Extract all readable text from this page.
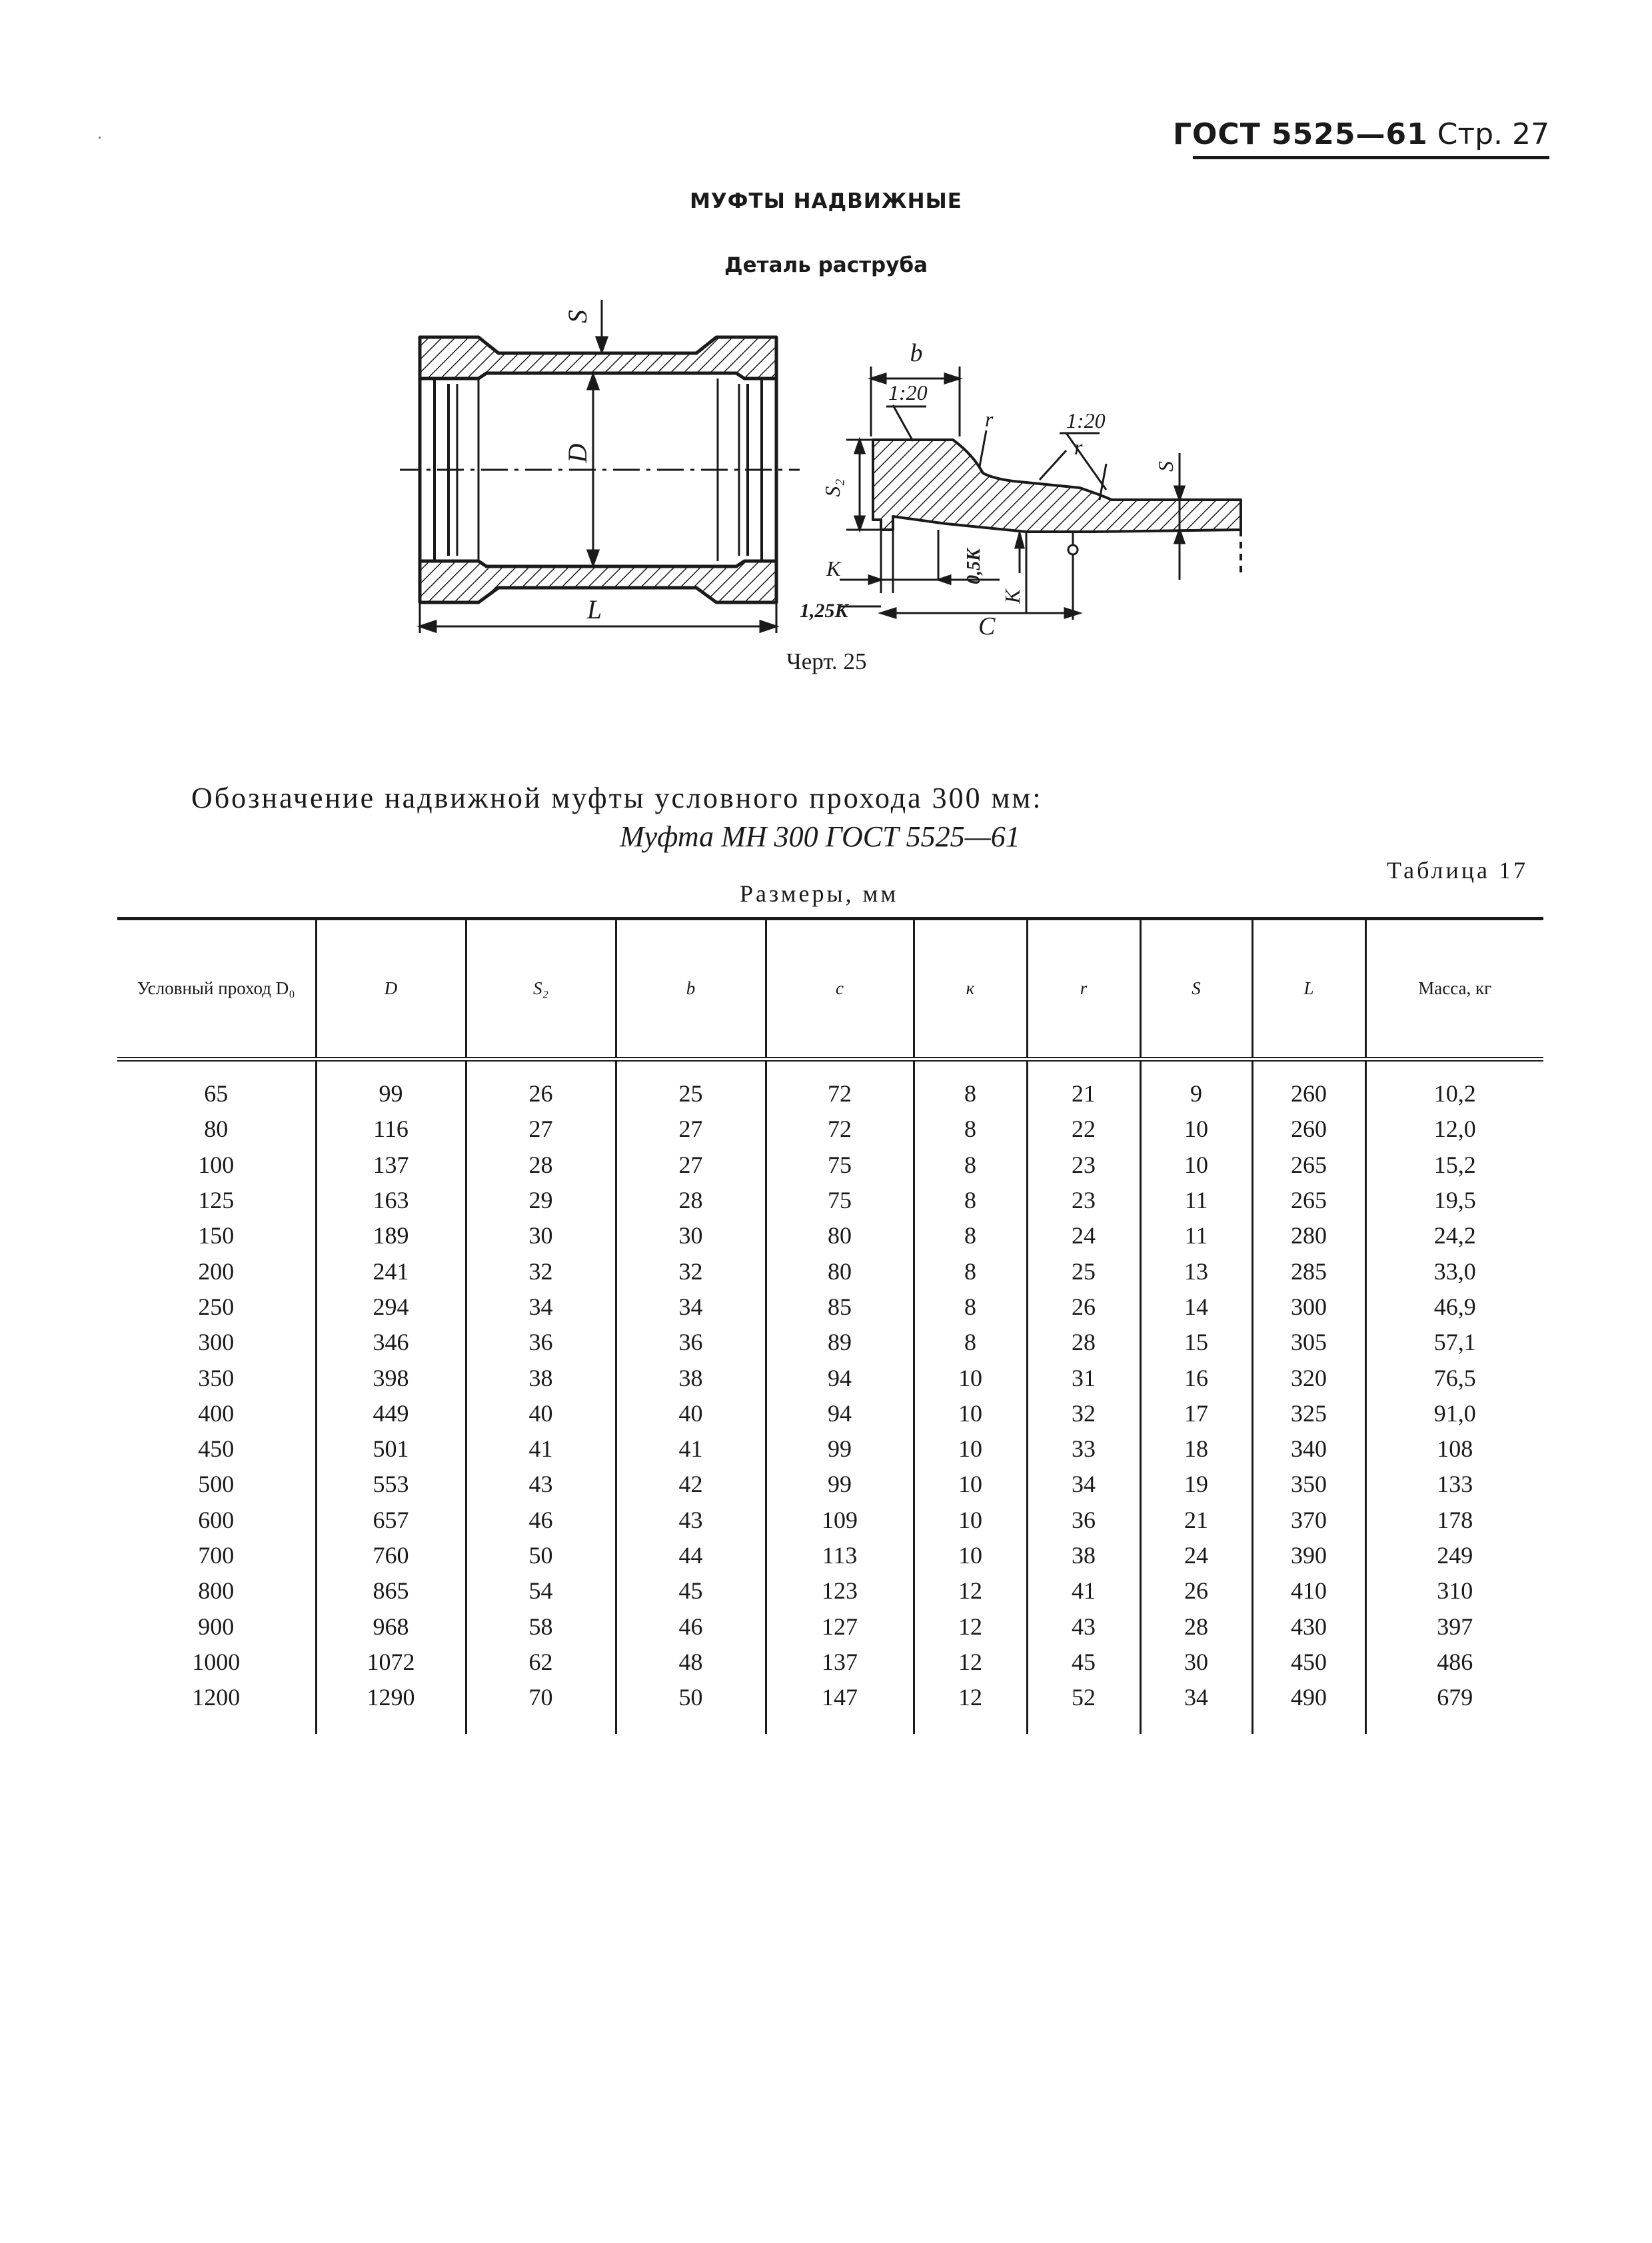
ГОСТ 5525—61 Стр. 27
МУФТЫ НАДВИЖНЫЕ
Деталь раструба
S
D
L
b
1:20
1:20
r
r
S₂
S
K	0,5K
K
1,25K
C
Черт. 25
Обозначение надвижной муфты условного прохода 300 мм:
Муфта МН 300 ГОСТ 5525—61
Таблица 17
Размеры, мм
Условный проход D₀	D	S₂	b	c	к	r	S	L	Масса, кг
65	99	26	25	72	8	21	9	260	10,2
80	116	27	27	72	8	22	10	260	12,0
100	137	28	27	75	8	23	10	265	15,2
125	163	29	28	75	8	23	11	265	19,5
150	189	30	30	80	8	24	11	280	24,2
200	241	32	32	80	8	25	13	285	33,0
250	294	34	34	85	8	26	14	300	46,9
300	346	36	36	89	8	28	15	305	57,1
350	398	38	38	94	10	31	16	320	76,5
400	449	40	40	94	10	32	17	325	91,0
450	501	41	41	99	10	33	18	340	108
500	553	43	42	99	10	34	19	350	133
600	657	46	43	109	10	36	21	370	178
700	760	50	44	113	10	38	24	390	249
800	865	54	45	123	12	41	26	410	310
900	968	58	46	127	12	43	28	430	397
1000	1072	62	48	137	12	45	30	450	486
1200	1290	70	50	147	12	52	34	490	679
